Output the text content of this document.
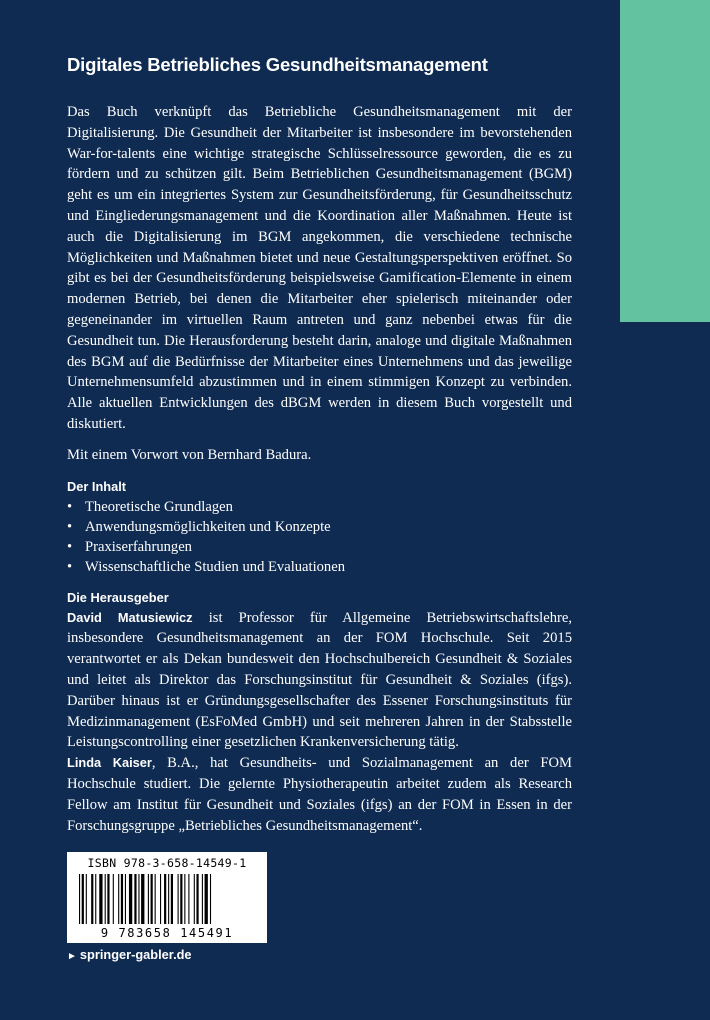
Digitales Betriebliches Gesundheitsmanagement

Das Buch verknüpft das Betriebliche Gesundheitsmanagement mit der Digitalisierung. Die Gesundheit der Mitarbeiter ist insbesondere im bevorstehenden War-for-talents eine wichtige strategische Schlüsselressource geworden, die es zu fördern und zu schützen gilt. Beim Betrieblichen Gesundheitsmanagement (BGM) geht es um ein integriertes System zur Gesundheitsförderung, für Gesundheitsschutz und Eingliederungsmanagement und die Koordination aller Maßnahmen. Heute ist auch die Digitalisierung im BGM angekommen, die verschiedene technische Möglichkeiten und Maßnahmen bietet und neue Gestaltungsperspektiven eröffnet. So gibt es bei der Gesundheitsförderung beispielsweise Gamification-Elemente in einem modernen Betrieb, bei denen die Mitarbeiter eher spielerisch miteinander oder gegeneinander im virtuellen Raum antreten und ganz nebenbei etwas für die Gesundheit tun. Die Herausforderung besteht darin, analoge und digitale Maßnahmen des BGM auf die Bedürfnisse der Mitarbeiter eines Unternehmens und das jeweilige Unternehmensumfeld abzustimmen und in einem stimmigen Konzept zu verbinden. Alle aktuellen Entwicklungen des dBGM werden in diesem Buch vorgestellt und diskutiert.

Mit einem Vorwort von Bernhard Badura.

Der Inhalt
• Theoretische Grundlagen
• Anwendungsmöglichkeiten und Konzepte
• Praxiserfahrungen
• Wissenschaftliche Studien und Evaluationen
Die Herausgeber

David Matusiewicz ist Professor für Allgemeine Betriebswirtschaftslehre, insbesondere Gesundheitsmanagement an der FOM Hochschule. Seit 2015 verantwortet er als Dekan bundesweit den Hochschulbereich Gesundheit & Soziales und leitet als Direktor das Forschungsinstitut für Gesundheit & Soziales (ifgs). Darüber hinaus ist er Gründungsgesellschafter des Essener Forschungsinstituts für Medizinmanagement (EsFoMed GmbH) und seit mehreren Jahren in der Stabsstelle Leistungscontrolling einer gesetzlichen Krankenversicherung tätig.

Linda Kaiser, B.A., hat Gesundheits- und Sozialmanagement an der FOM Hochschule studiert. Die gelernte Physiotherapeutin arbeitet zudem als Research Fellow am Institut für Gesundheit und Soziales (ifgs) an der FOM in Essen in der Forschungsgruppe „Betriebliches Gesundheitsmanagement“.

ISBN 978-3-658-14549-1
9 783658 145491
► springer-gabler.de
